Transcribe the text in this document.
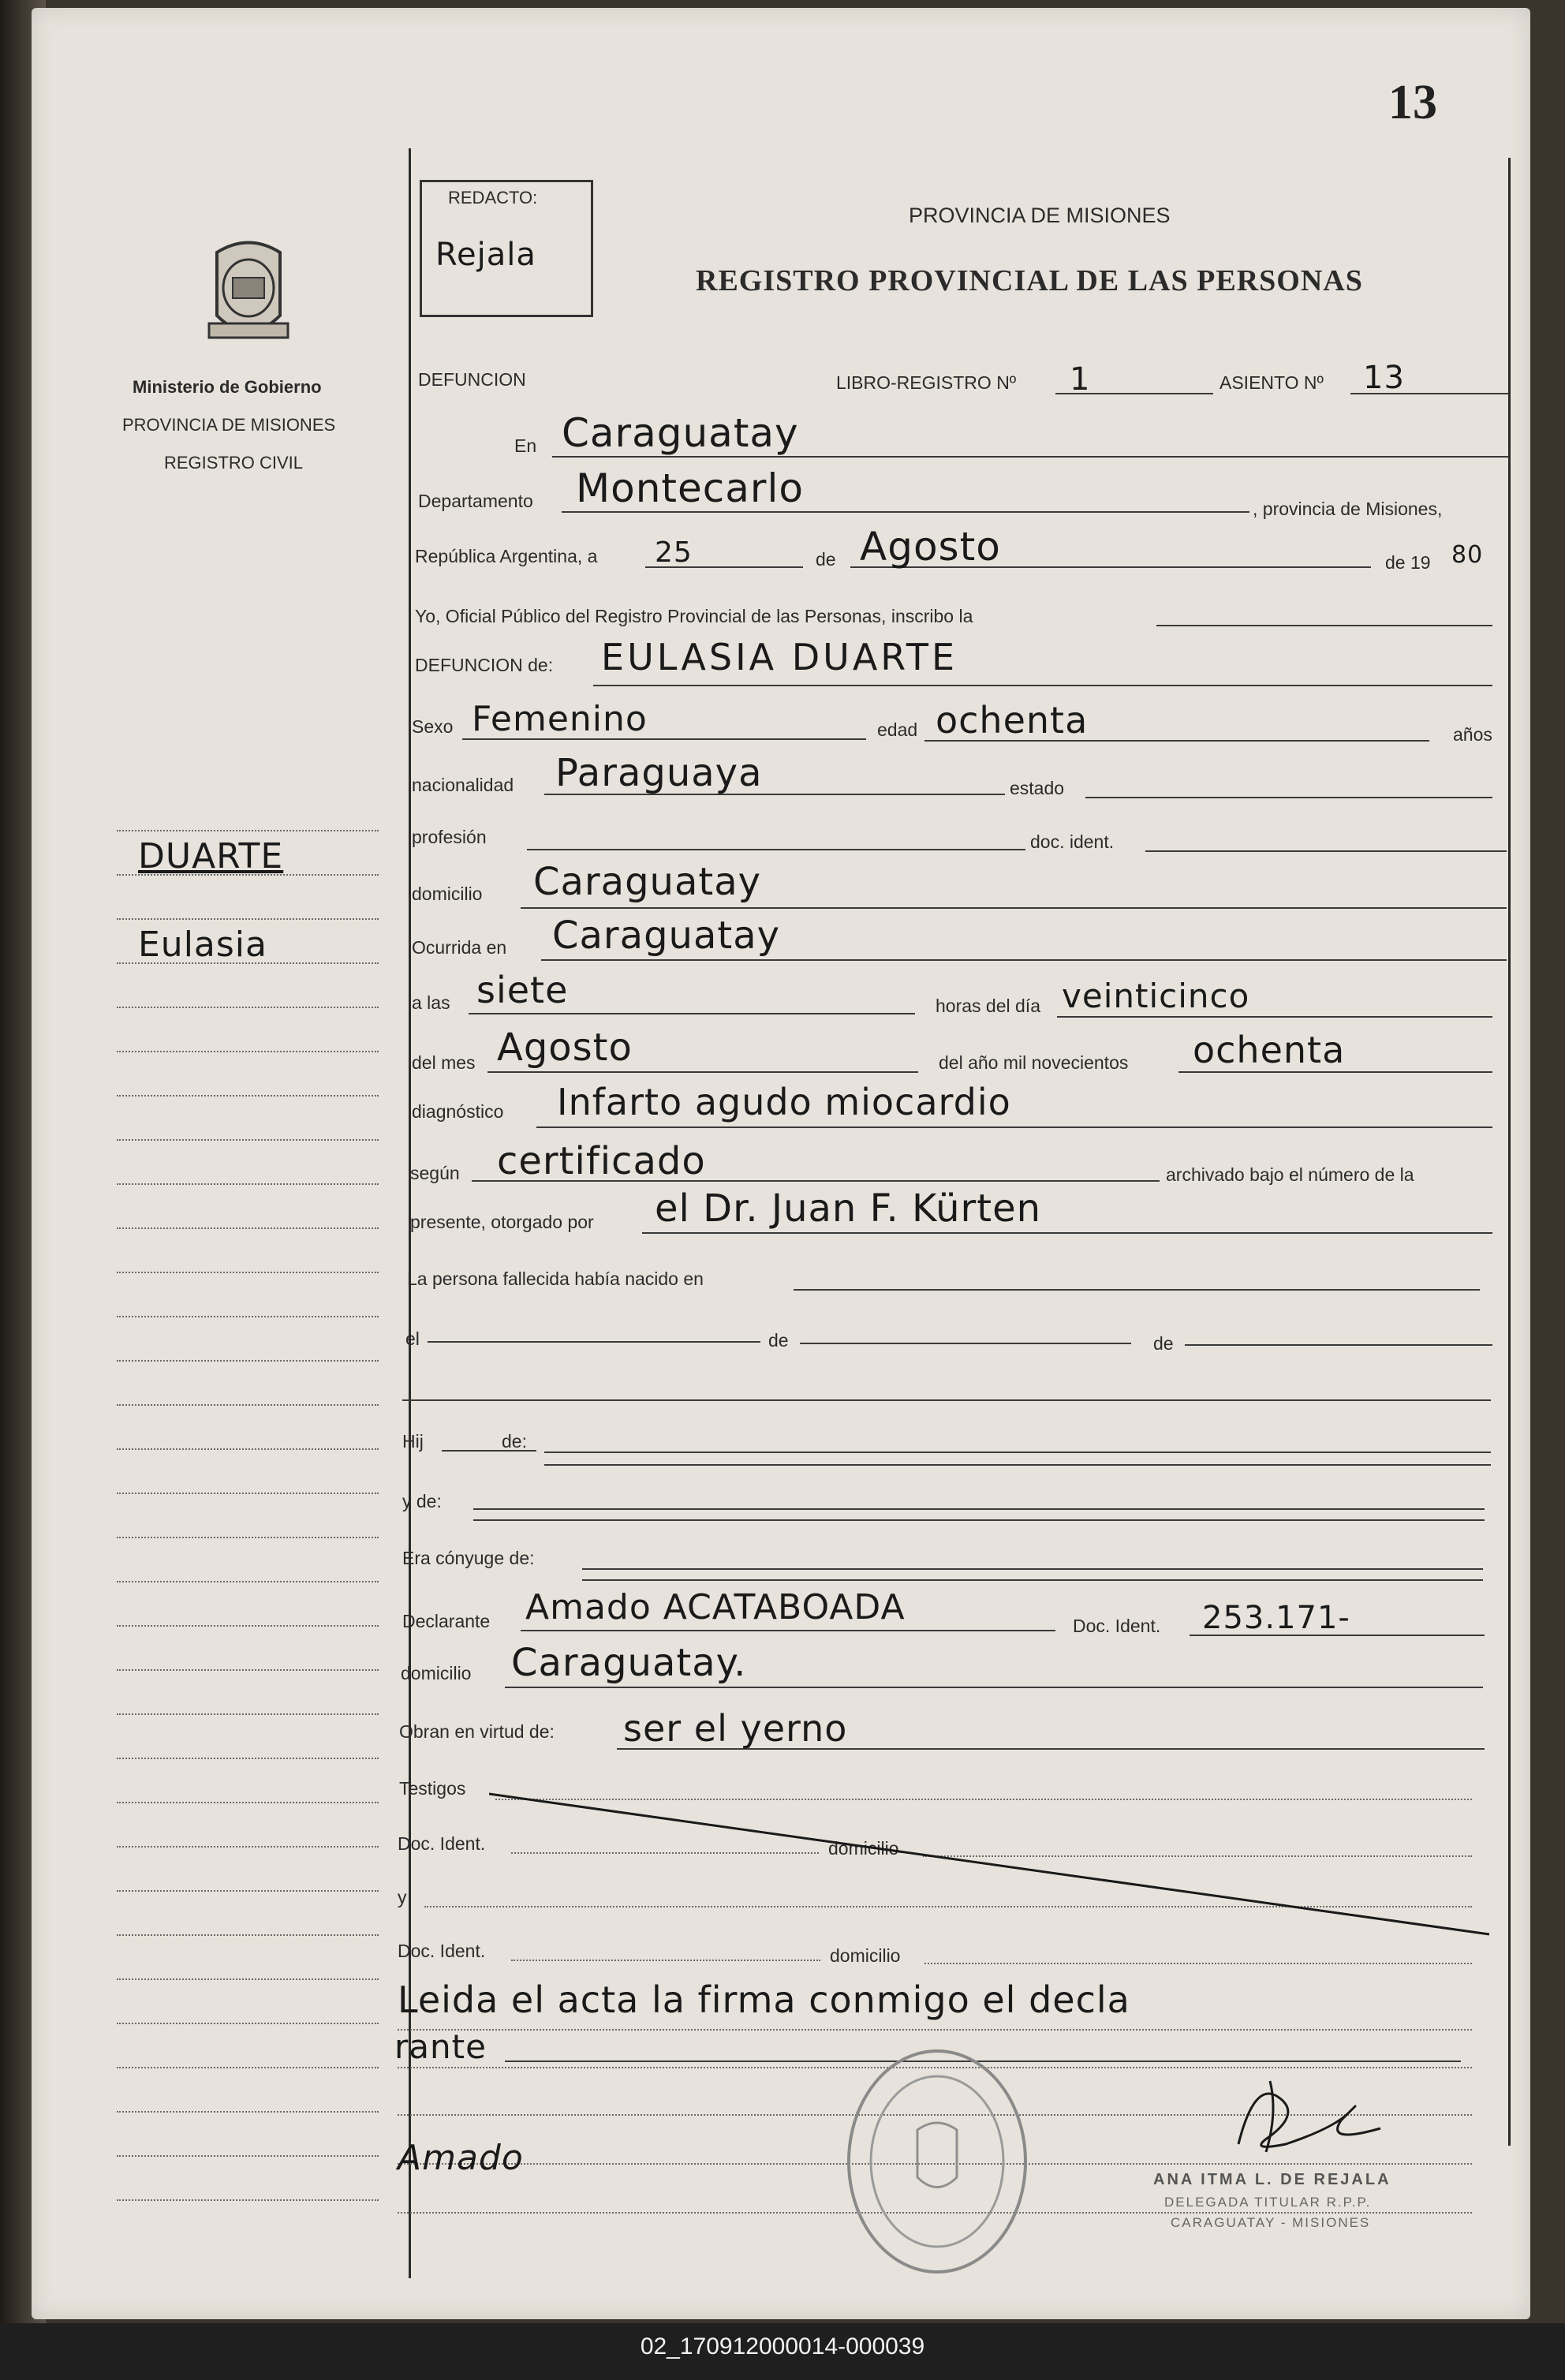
13
REDACTO:
Rejala
PROVINCIA DE MISIONES
REGISTRO PROVINCIAL DE LAS PERSONAS
Ministerio de Gobierno
PROVINCIA DE MISIONES
REGISTRO CIVIL
DUARTE
Eulasia
DEFUNCION	LIBRO-REGISTRO Nº 1	ASIENTO Nº 13
En Caraguatay
Departamento Montecarlo	, provincia de Misiones,
República Argentina, a 25	de Agosto	de 19 80
Yo, Oficial Público del Registro Provincial de las Personas, inscribo la
DEFUNCION de: EULASIA DUARTE
Sexo Femenino	edad ochenta	años
nacionalidad Paraguaya	estado
profesión	doc. ident.
domicilio Caraguatay
Ocurrida en Caraguatay
a las siete	horas del día veinticinco
del mes Agosto	del año mil novecientos ochenta
diagnóstico Infarto agudo miocardio
según certificado	archivado bajo el número de la
presente, otorgado por el Dr. Juan F. Kürten
La persona fallecida había nacido en
el	de	de
Hij	de:
y de:
Era cónyuge de:
Declarante Amado ACATABOADA	Doc. Ident. 253.171-
domicilio Caraguatay.
Obran en virtud de: ser el yerno
Testigos
Doc. Ident.	domicilio
y
Doc. Ident.	domicilio
Leida el acta la firma conmigo el decla
rante
Amado
ANA ITMA L. DE REJALA
DELEGADA TITULAR R.P.P.
CARAGUATAY - MISIONES
02_170912000014-000039
